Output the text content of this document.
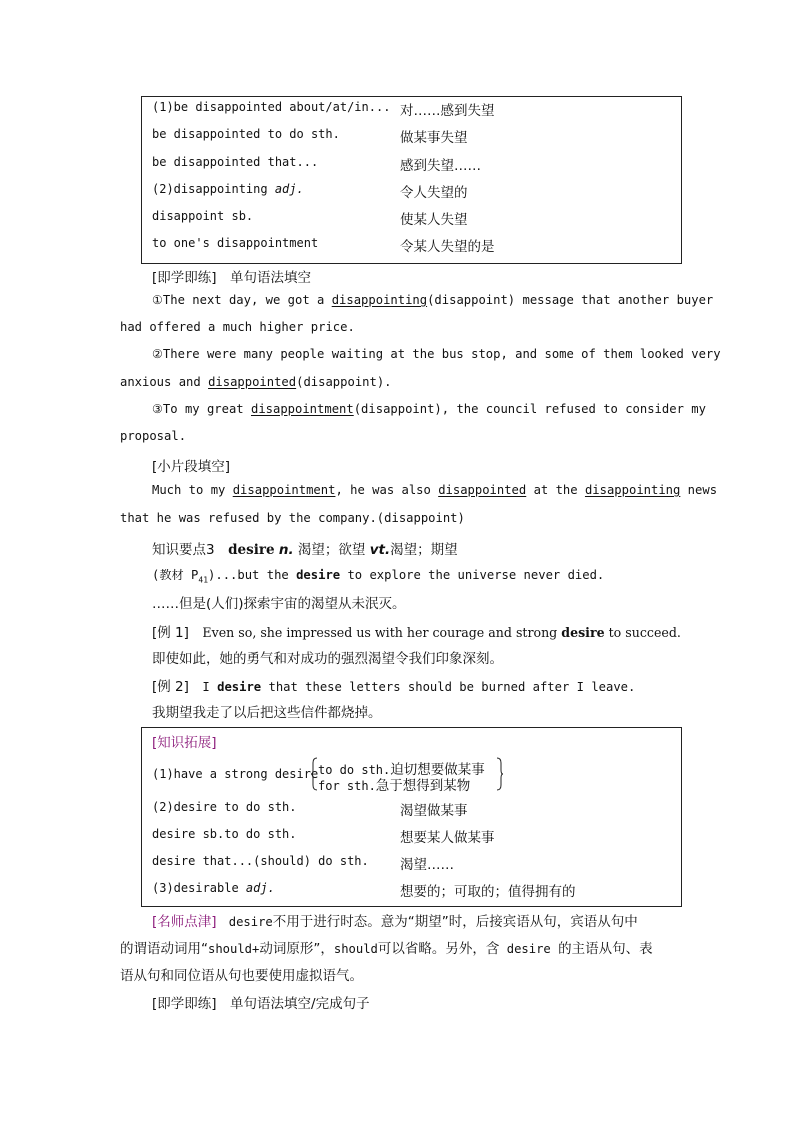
(1)be disappointed about/at/in... 对……感到失望
be disappointed to do sth.	做某事失望
be disappointed that...	感到失望……
(2)disappointing adj.	令人失望的
disappoint sb.	使某人失望
to one's disappointment	令某人失望的是
[即学即练]　单句语法填空
①The next day, we got a disappointing(disappoint) message that another buyer
had offered a much higher price.
②There were many people waiting at the bus stop, and some of them looked very
anxious and disappointed(disappoint).
③To my great disappointment(disappoint), the council refused to consider my
proposal.
[小片段填空]
Much to my disappointment, he was also disappointed at the disappointing news
that he was refused by the company.(disappoint)
知识要点3　desire n. 渴望；欲望 vt.渴望；期望
(教材 $P_{41})...but$ the desire to explore the universe never died.
……但是(人们)探索宇宙的渴望从未泯灭。
[例 1]　Even so, she impressed us with her courage and strong desire to succeed.
即使如此，她的勇气和对成功的强烈渴望令我们印象深刻。
[例 2]　I desire that these letters should be burned after I leave.
我期望我走了以后把这些信件都烧掉。
[知识拓展]
(1)have a strong desire to do sth.迫切想要做某事
for sth.急于想得到某物
(2)desire to do sth.	渴望做某事
desire sb.to do sth.	想要某人做某事
desire that...(should) do sth. 渴望……
(3)desirable adj.	想要的；可取的；值得拥有的
[名师点津]　desire不用于进行时态。意为“期望”时，后接宾语从句，宾语从句中
的谓语动词用“should+动词原形”，should可以省略。另外，含 desire 的主语从句、表
语从句和同位语从句也要使用虚拟语气。
[即学即练]　单句语法填空/完成句子
